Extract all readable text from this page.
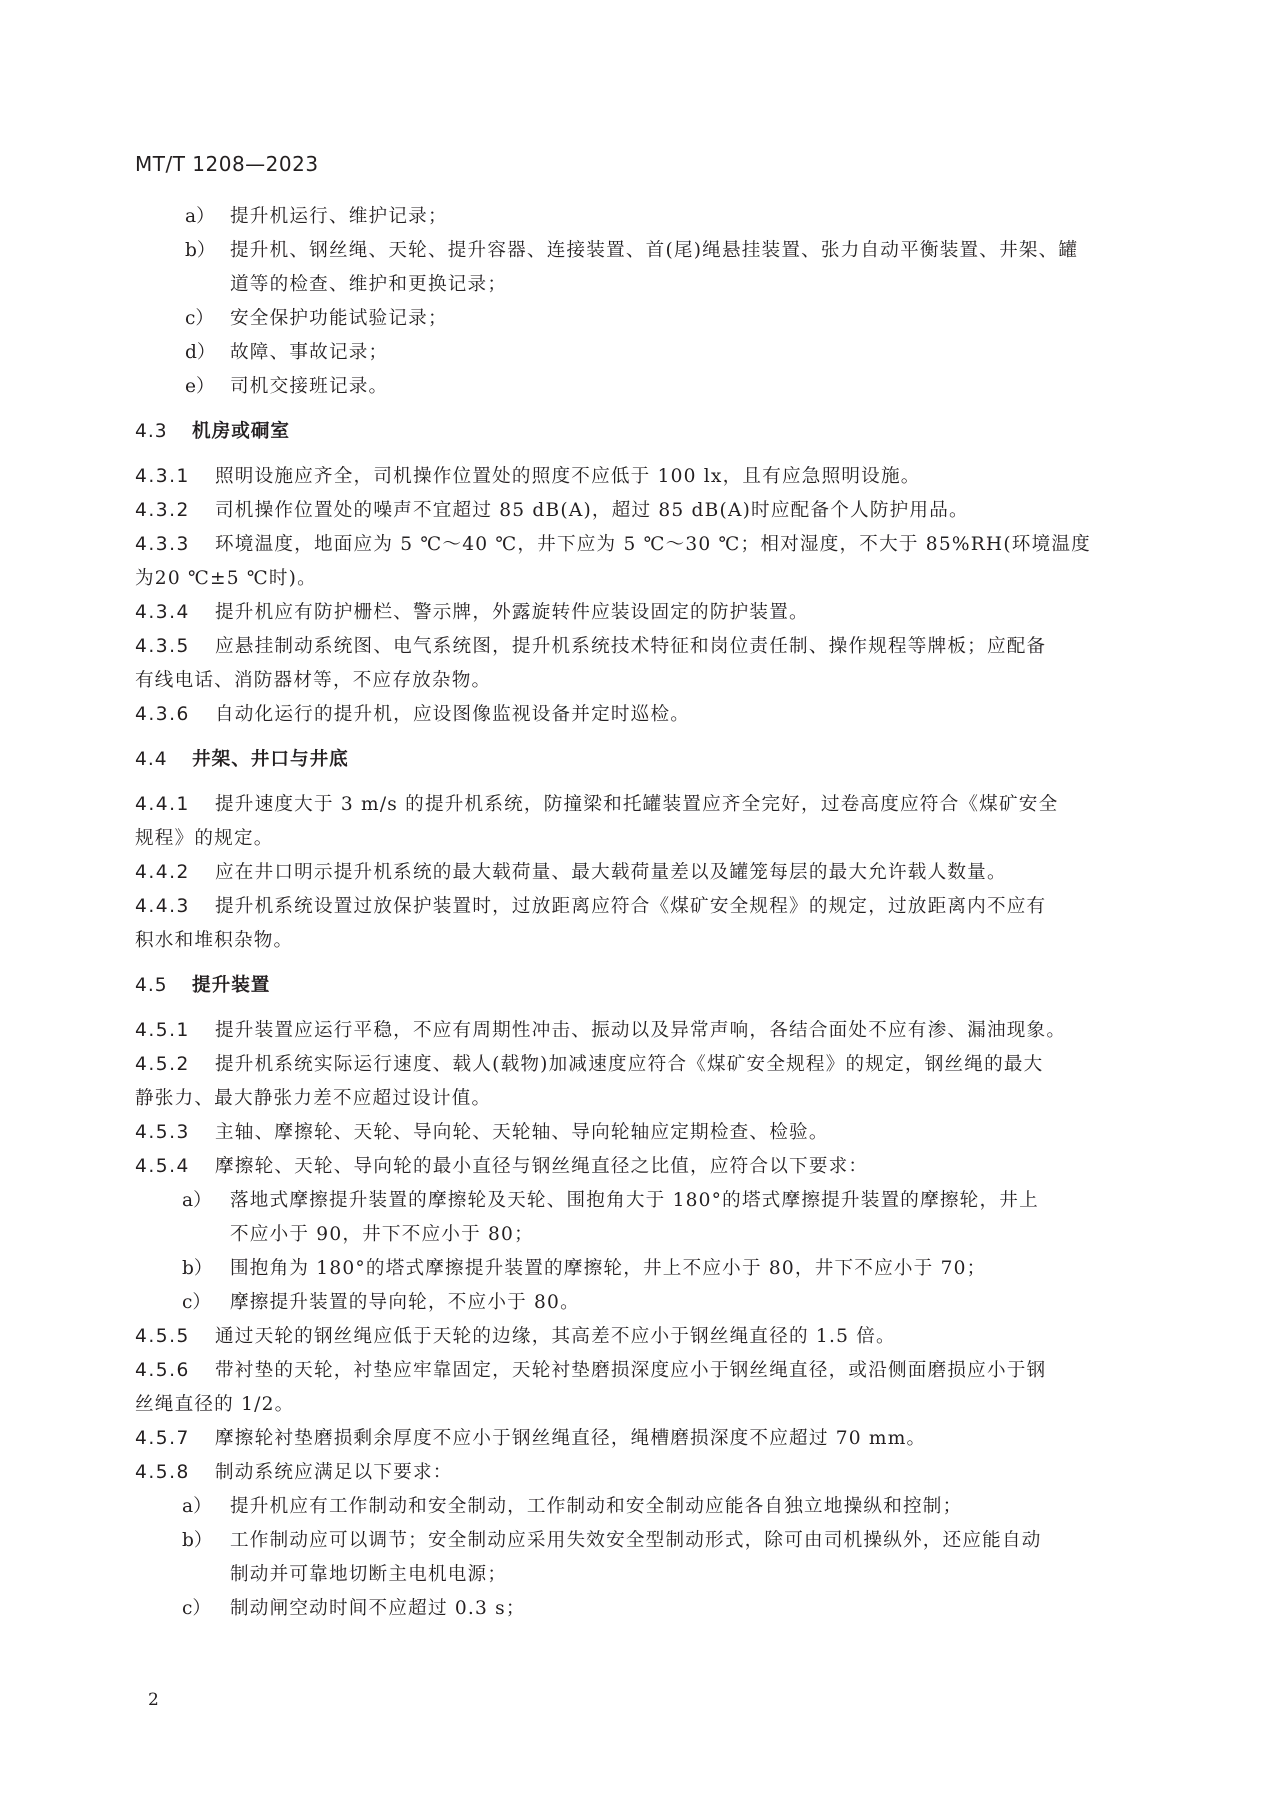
MT/T 1208—2023
a） 提升机运行、维护记录；
b） 提升机、钢丝绳、天轮、提升容器、连接装置、首(尾)绳悬挂装置、张力自动平衡装置、井架、罐
道等的检查、维护和更换记录；
c） 安全保护功能试验记录；
d） 故障、事故记录；
e） 司机交接班记录。
4.3 机房或硐室
4.3.1 照明设施应齐全，司机操作位置处的照度不应低于 100 lx，且有应急照明设施。
4.3.2 司机操作位置处的噪声不宜超过 85 dB(A)，超过 85 dB(A)时应配备个人防护用品。
4.3.3 环境温度，地面应为 5 ℃～40 ℃，井下应为 5 ℃～30 ℃；相对湿度，不大于 85%RH(环境温度
为20 ℃±5 ℃时)。
4.3.4 提升机应有防护栅栏、警示牌，外露旋转件应装设固定的防护装置。
4.3.5 应悬挂制动系统图、电气系统图，提升机系统技术特征和岗位责任制、操作规程等牌板；应配备
有线电话、消防器材等，不应存放杂物。
4.3.6 自动化运行的提升机，应设图像监视设备并定时巡检。
4.4 井架、井口与井底
4.4.1 提升速度大于 3 m/s 的提升机系统，防撞梁和托罐装置应齐全完好，过卷高度应符合《煤矿安全
规程》的规定。
4.4.2 应在井口明示提升机系统的最大载荷量、最大载荷量差以及罐笼每层的最大允许载人数量。
4.4.3 提升机系统设置过放保护装置时，过放距离应符合《煤矿安全规程》的规定，过放距离内不应有
积水和堆积杂物。
4.5 提升装置
4.5.1 提升装置应运行平稳，不应有周期性冲击、振动以及异常声响，各结合面处不应有渗、漏油现象。
4.5.2 提升机系统实际运行速度、载人(载物)加减速度应符合《煤矿安全规程》的规定，钢丝绳的最大
静张力、最大静张力差不应超过设计值。
4.5.3 主轴、摩擦轮、天轮、导向轮、天轮轴、导向轮轴应定期检查、检验。
4.5.4 摩擦轮、天轮、导向轮的最小直径与钢丝绳直径之比值，应符合以下要求：
a） 落地式摩擦提升装置的摩擦轮及天轮、围抱角大于 180°的塔式摩擦提升装置的摩擦轮，井上
不应小于 90，井下不应小于 80；
b） 围抱角为 180°的塔式摩擦提升装置的摩擦轮，井上不应小于 80，井下不应小于 70；
c） 摩擦提升装置的导向轮，不应小于 80。
4.5.5 通过天轮的钢丝绳应低于天轮的边缘，其高差不应小于钢丝绳直径的 1.5 倍。
4.5.6 带衬垫的天轮，衬垫应牢靠固定，天轮衬垫磨损深度应小于钢丝绳直径，或沿侧面磨损应小于钢
丝绳直径的 1/2。
4.5.7 摩擦轮衬垫磨损剩余厚度不应小于钢丝绳直径，绳槽磨损深度不应超过 70 mm。
4.5.8 制动系统应满足以下要求：
a） 提升机应有工作制动和安全制动，工作制动和安全制动应能各自独立地操纵和控制；
b） 工作制动应可以调节；安全制动应采用失效安全型制动形式，除可由司机操纵外，还应能自动
制动并可靠地切断主电机电源；
c） 制动闸空动时间不应超过 0.3 s；
2
